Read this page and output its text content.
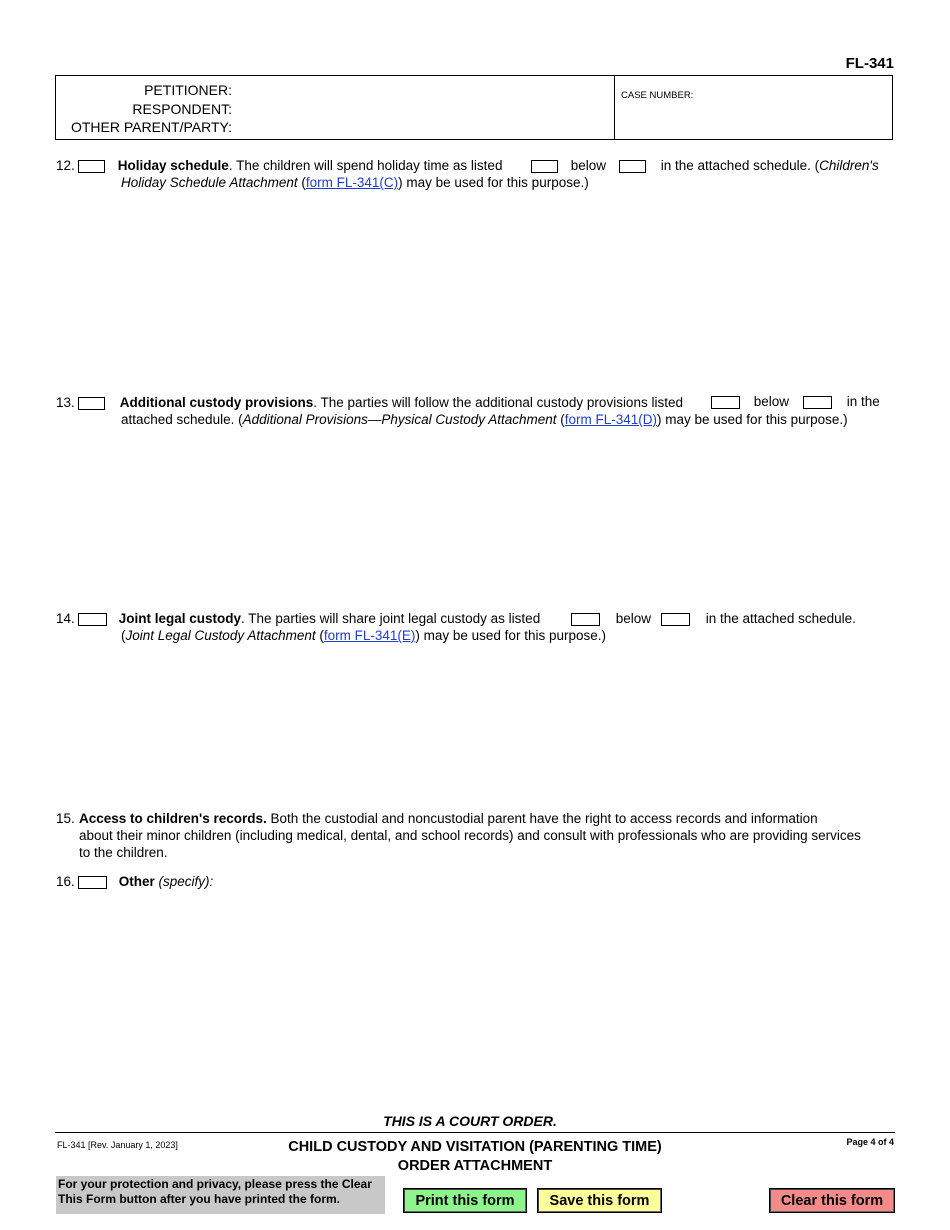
FL-341
PETITIONER:
RESPONDENT:
OTHER PARENT/PARTY:
CASE NUMBER:
12.	Holiday schedule. The children will spend holiday time as listed	below	in the attached schedule. (Children's
Holiday Schedule Attachment (form FL-341(C)) may be used for this purpose.)
13.	Additional custody provisions. The parties will follow the additional custody provisions listed	below	in the
attached schedule. (Additional Provisions—Physical Custody Attachment (form FL-341(D)) may be used for this purpose.)
14.	Joint legal custody. The parties will share joint legal custody as listed	below	in the attached schedule.
(Joint Legal Custody Attachment (form FL-341(E)) may be used for this purpose.)
15. Access to children's records. Both the custodial and noncustodial parent have the right to access records and information
about their minor children (including medical, dental, and school records) and consult with professionals who are providing services
to the children.
16.	Other (specify):
THIS IS A COURT ORDER.
FL-341 [Rev. January 1, 2023]	CHILD CUSTODY AND VISITATION (PARENTING TIME)
ORDER ATTACHMENT
Page 4 of 4
For your protection and privacy, please press the Clear
This Form button after you have printed the form.	Print this form	Save this form	Clear this form
